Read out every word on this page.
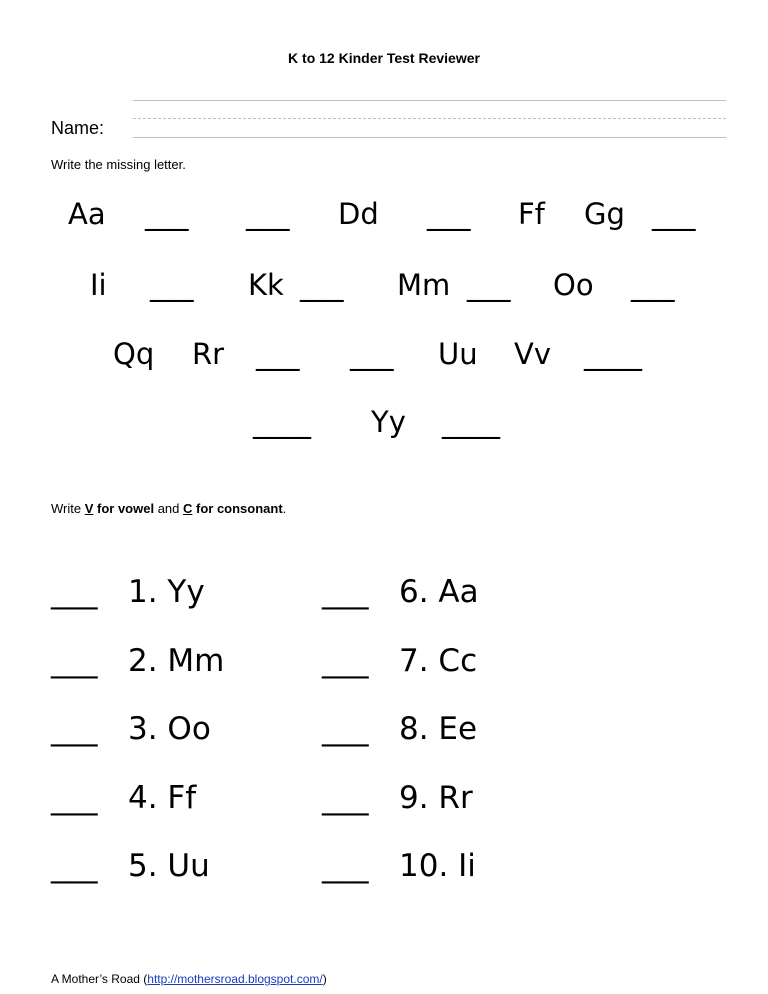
K to 12 Kinder Test Reviewer
Name:
Write the missing letter.
Aa ___ ___ Dd ___ Ff Gg ___
Ii ___ Kk ___ Mm ___ Oo ___
Qq Rr ___ ___ Uu Vv ____
____ Yy ____
Write V for vowel and C for consonant.
___ 1. Yy
___ 2. Mm
___ 3. Oo
___ 4. Ff
___ 5. Uu
___ 6. Aa
___ 7. Cc
___ 8. Ee
___ 9. Rr
___ 10. Ii
A Mother’s Road (http://mothersroad.blogspot.com/)
